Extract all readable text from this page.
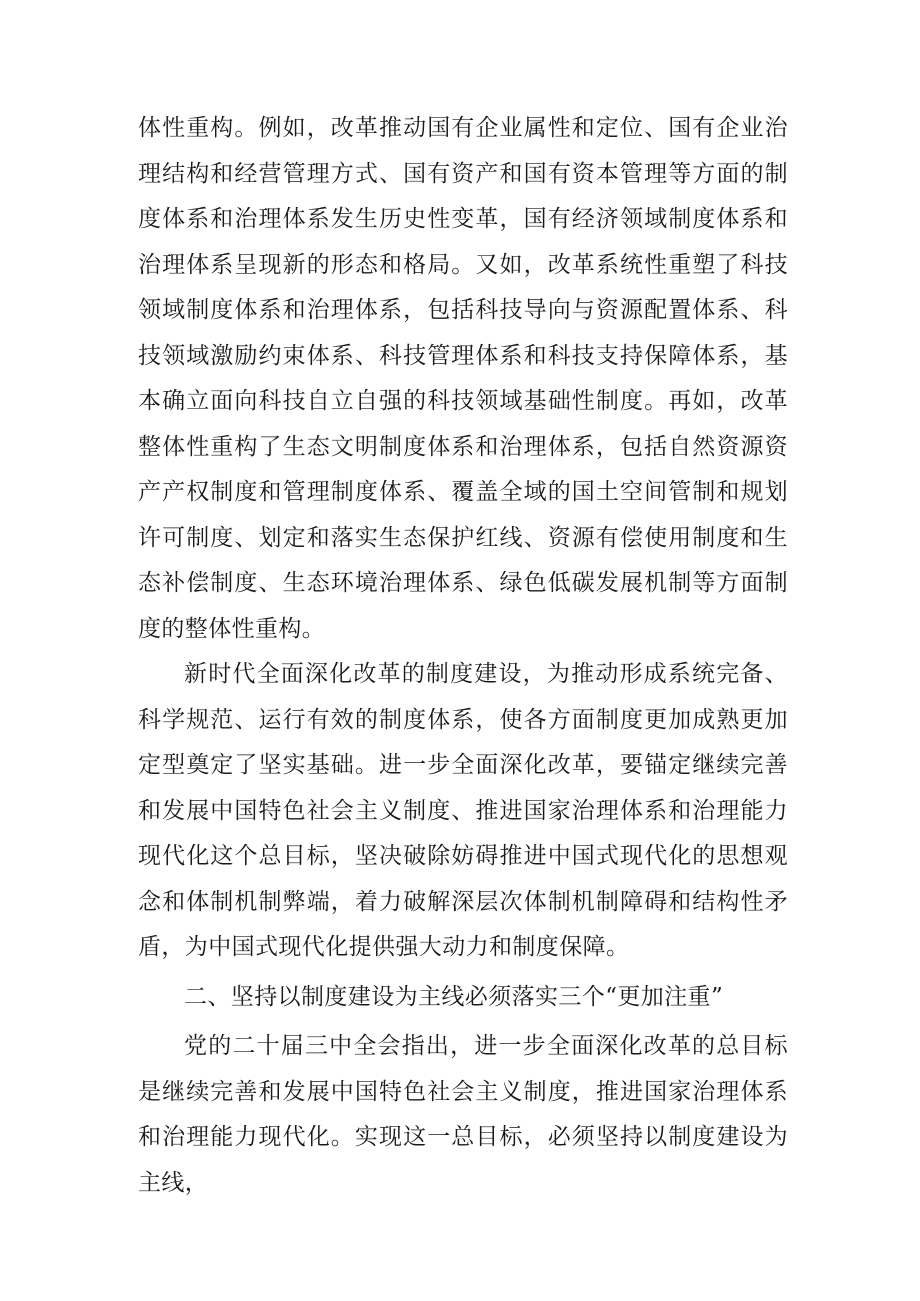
体性重构。例如，改革推动国有企业属性和定位、国有企业治理结构和经营管理方式、国有资产和国有资本管理等方面的制度体系和治理体系发生历史性变革，国有经济领域制度体系和治理体系呈现新的形态和格局。又如，改革系统性重塑了科技领域制度体系和治理体系，包括科技导向与资源配置体系、科技领域激励约束体系、科技管理体系和科技支持保障体系，基本确立面向科技自立自强的科技领域基础性制度。再如，改革整体性重构了生态文明制度体系和治理体系，包括自然资源资产产权制度和管理制度体系、覆盖全域的国土空间管制和规划许可制度、划定和落实生态保护红线、资源有偿使用制度和生态补偿制度、生态环境治理体系、绿色低碳发展机制等方面制度的整体性重构。

新时代全面深化改革的制度建设，为推动形成系统完备、科学规范、运行有效的制度体系，使各方面制度更加成熟更加定型奠定了坚实基础。进一步全面深化改革，要锚定继续完善和发展中国特色社会主义制度、推进国家治理体系和治理能力现代化这个总目标，坚决破除妨碍推进中国式现代化的思想观念和体制机制弊端，着力破解深层次体制机制障碍和结构性矛盾，为中国式现代化提供强大动力和制度保障。

二、坚持以制度建设为主线必须落实三个“更加注重”

党的二十届三中全会指出，进一步全面深化改革的总目标是继续完善和发展中国特色社会主义制度，推进国家治理体系和治理能力现代化。实现这一总目标，必须坚持以制度建设为主线，
